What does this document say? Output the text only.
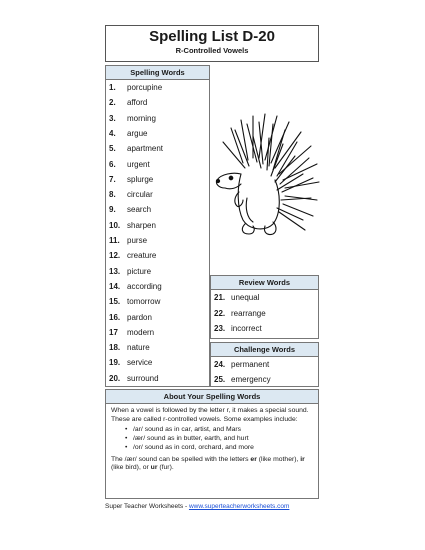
Spelling List D-20
R-Controlled Vowels
Spelling Words
1. porcupine
2. afford
3. morning
4. argue
5. apartment
6. urgent
7. splurge
8. circular
9. search
10. sharpen
11. purse
12. creature
13. picture
14. according
15. tomorrow
16. pardon
17 modern
18. nature
19. service
20. surround
Review Words
21. unequal
22. rearrange
23. incorrect
Challenge Words
24. permanent
25. emergency
About Your Spelling Words
When a vowel is followed by the letter r, it makes a special sound. These are called r-controlled vowels. Some examples include:
• /ar/ sound as in car, artist, and Mars
• /ær/ sound as in butter, earth, and hurt
• /or/ sound as in cord, orchard, and more
The /ær/ sound can be spelled with the letters er (like mother), ir (like bird), or ur (fur).
Super Teacher Worksheets - www.superteacherworksheets.com
